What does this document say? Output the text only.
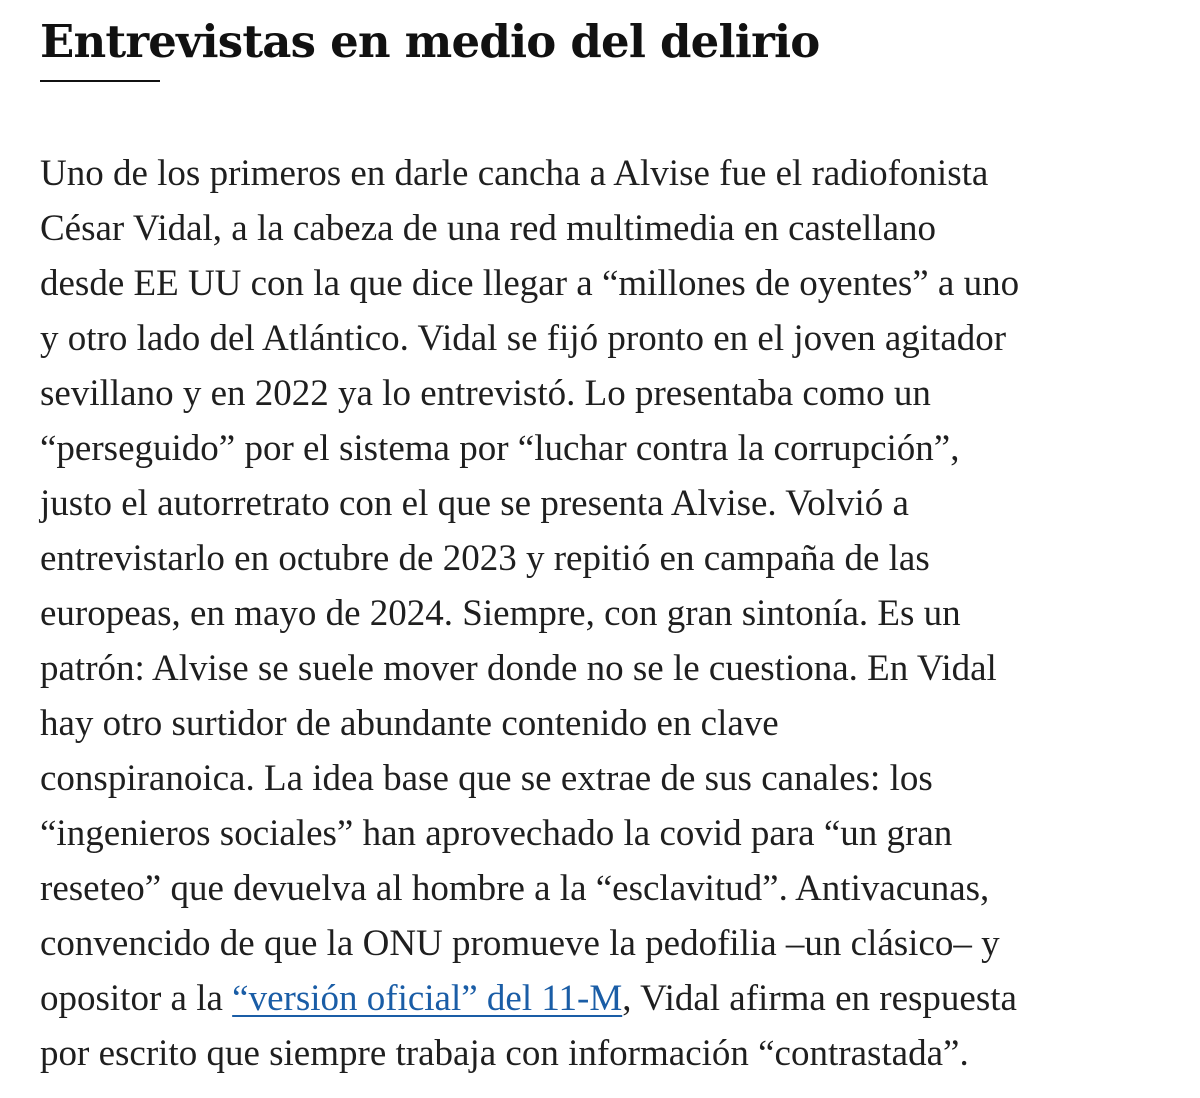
Entrevistas en medio del delirio

Uno de los primeros en darle cancha a Alvise fue el radiofonista
César Vidal, a la cabeza de una red multimedia en castellano
desde EE UU con la que dice llegar a “millones de oyentes” a uno
y otro lado del Atlántico. Vidal se fijó pronto en el joven agitador
sevillano y en 2022 ya lo entrevistó. Lo presentaba como un
“perseguido” por el sistema por “luchar contra la corrupción”,
justo el autorretrato con el que se presenta Alvise. Volvió a
entrevistarlo en octubre de 2023 y repitió en campaña de las
europeas, en mayo de 2024. Siempre, con gran sintonía. Es un
patrón: Alvise se suele mover donde no se le cuestiona. En Vidal
hay otro surtidor de abundante contenido en clave
conspiranoica. La idea base que se extrae de sus canales: los
“ingenieros sociales” han aprovechado la covid para “un gran
reseteo” que devuelva al hombre a la “esclavitud”. Antivacunas,
convencido de que la ONU promueve la pedofilia –un clásico– y
opositor a la “versión oficial” del 11-M, Vidal afirma en respuesta
por escrito que siempre trabaja con información “contrastada”.
